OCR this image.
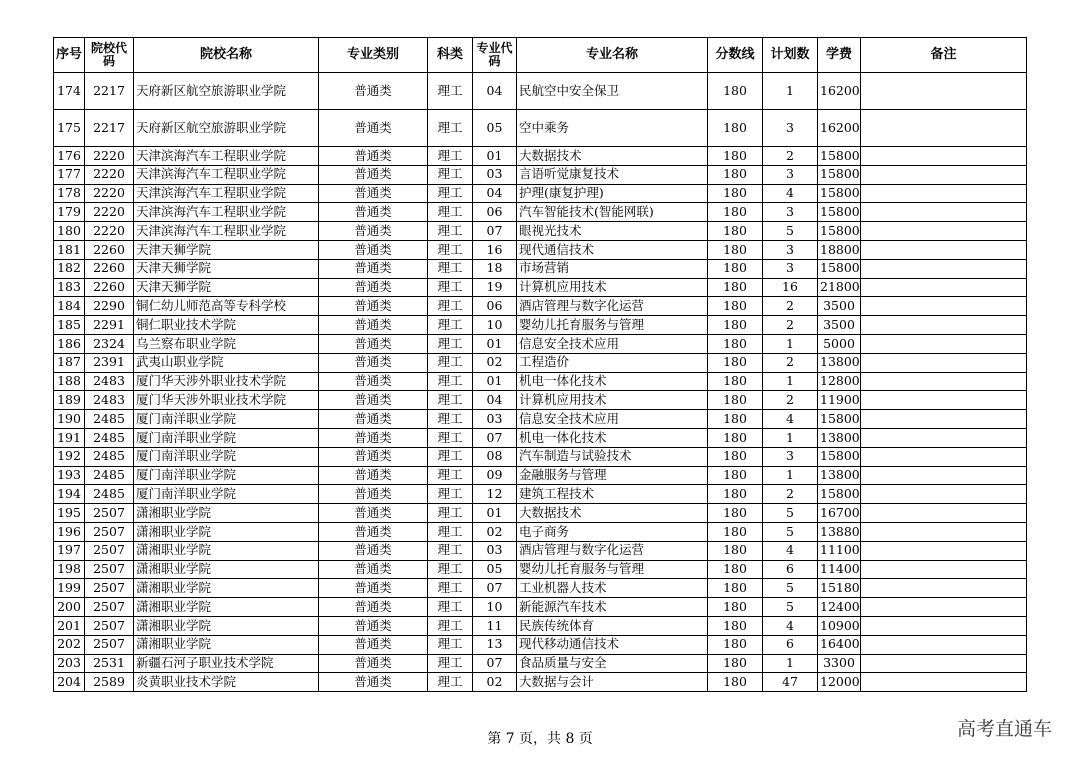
序号	院校代码	院校名称	专业类别	科类	专业代码	专业名称	分数线	计划数	学费	备注
174	2217	天府新区航空旅游职业学院	普通类	理工	04	民航空中安全保卫	180	1	16200	
175	2217	天府新区航空旅游职业学院	普通类	理工	05	空中乘务	180	3	16200	
176	2220	天津滨海汽车工程职业学院	普通类	理工	01	大数据技术	180	2	15800	
177	2220	天津滨海汽车工程职业学院	普通类	理工	03	言语听觉康复技术	180	3	15800	
178	2220	天津滨海汽车工程职业学院	普通类	理工	04	护理(康复护理)	180	4	15800	
179	2220	天津滨海汽车工程职业学院	普通类	理工	06	汽车智能技术(智能网联)	180	3	15800	
180	2220	天津滨海汽车工程职业学院	普通类	理工	07	眼视光技术	180	5	15800	
181	2260	天津天狮学院	普通类	理工	16	现代通信技术	180	3	18800	
182	2260	天津天狮学院	普通类	理工	18	市场营销	180	3	15800	
183	2260	天津天狮学院	普通类	理工	19	计算机应用技术	180	16	21800	
184	2290	铜仁幼儿师范高等专科学校	普通类	理工	06	酒店管理与数字化运营	180	2	3500	
185	2291	铜仁职业技术学院	普通类	理工	10	婴幼儿托育服务与管理	180	2	3500	
186	2324	乌兰察布职业学院	普通类	理工	01	信息安全技术应用	180	1	5000	
187	2391	武夷山职业学院	普通类	理工	02	工程造价	180	2	13800	
188	2483	厦门华天涉外职业技术学院	普通类	理工	01	机电一体化技术	180	1	12800	
189	2483	厦门华天涉外职业技术学院	普通类	理工	04	计算机应用技术	180	2	11900	
190	2485	厦门南洋职业学院	普通类	理工	03	信息安全技术应用	180	4	15800	
191	2485	厦门南洋职业学院	普通类	理工	07	机电一体化技术	180	1	13800	
192	2485	厦门南洋职业学院	普通类	理工	08	汽车制造与试验技术	180	3	15800	
193	2485	厦门南洋职业学院	普通类	理工	09	金融服务与管理	180	1	13800	
194	2485	厦门南洋职业学院	普通类	理工	12	建筑工程技术	180	2	15800	
195	2507	潇湘职业学院	普通类	理工	01	大数据技术	180	5	16700	
196	2507	潇湘职业学院	普通类	理工	02	电子商务	180	5	13880	
197	2507	潇湘职业学院	普通类	理工	03	酒店管理与数字化运营	180	4	11100	
198	2507	潇湘职业学院	普通类	理工	05	婴幼儿托育服务与管理	180	6	11400	
199	2507	潇湘职业学院	普通类	理工	07	工业机器人技术	180	5	15180	
200	2507	潇湘职业学院	普通类	理工	10	新能源汽车技术	180	5	12400	
201	2507	潇湘职业学院	普通类	理工	11	民族传统体育	180	4	10900	
202	2507	潇湘职业学院	普通类	理工	13	现代移动通信技术	180	6	16400	
203	2531	新疆石河子职业技术学院	普通类	理工	07	食品质量与安全	180	1	3300	
204	2589	炎黄职业技术学院	普通类	理工	02	大数据与会计	180	47	12000	
第 7 页，共 8 页	高考直通车
